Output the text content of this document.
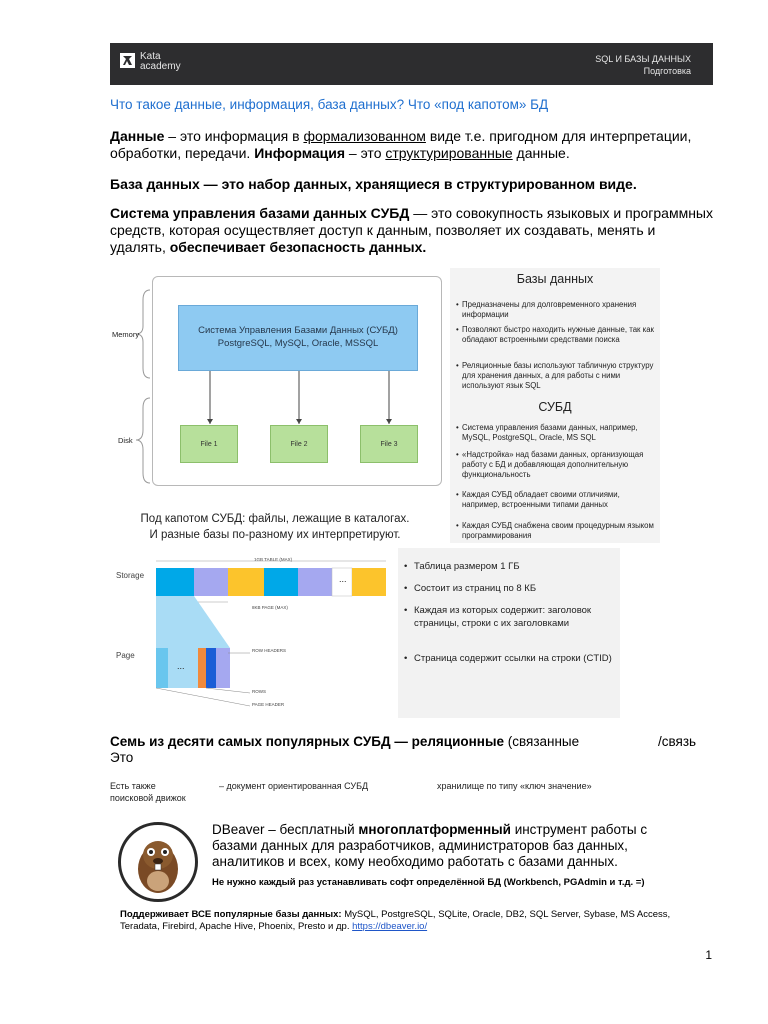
Kata
academy
SQL И БАЗЫ ДАННЫХ
Подготовка
Что такое данные, информация, база данных? Что «под капотом» БД
Данные – это информация в формализованном виде т.е. пригодном для интерпретации, обработки, передачи. Информация – это структурированные данные.
База данных — это набор данных, хранящиеся в структурированном виде.
Система управления базами данных СУБД — это совокупность языковых и программных средств, которая осуществляет доступ к данным, позволяет их создавать, менять и удалять, обеспечивает безопасность данных.
Memory
Disk
Система Управления Базами Данных (СУБД)
PostgreSQL, MySQL, Oracle, MSSQL
File 1	File 2	File 3
Базы данных
• Предназначены для долговременного хранения информации
• Позволяют быстро находить нужные данные, так как обладают встроенными средствами поиска
• Реляционные базы используют табличную структуру для хранения данных, а для работы с ними используют язык SQL
СУБД
• Система управления базами данных, например, MySQL, PostgreSQL, Oracle, MS SQL
• «Надстройка» над базами данных, организующая работу с БД и добавляющая дополнительную функциональность
• Каждая СУБД обладает своими отличиями, например, встроенными типами данных
• Каждая СУБД снабжена своим процедурным языком программирования
Под капотом СУБД: файлы, лежащие в каталогах.
И разные базы по-разному их интерпретируют.
1GB TABLE (MAX)
Storage
Page
...
...
8KB PAGE (MAX)
ROW HEADERS
ROWS
PAGE HEADER
• Таблица размером 1 ГБ
• Состоит из страниц по 8 КБ
• Каждая из которых содержит: заголовок страницы, строки с их заголовками
• Страница содержит ссылки на строки (CTID)
Семь из десяти самых популярных СУБД — реляционные (связанные	/связь
Это
Есть также	– документ ориентированная СУБД	хранилище по типу «ключ значение»
поисковой движок
DBeaver – бесплатный многоплатформенный инструмент работы с базами данных для разработчиков, администраторов баз данных, аналитиков и всех, кому необходимо работать с базами данных.
Не нужно каждый раз устанавливать софт определённой БД (Workbench, PGAdmin и т.д. =)
Поддерживает ВСЕ популярные базы данных: MySQL, PostgreSQL, SQLite, Oracle, DB2, SQL Server, Sybase, MS Access, Teradata, Firebird, Apache Hive, Phoenix, Presto и др. https://dbeaver.io/
1
